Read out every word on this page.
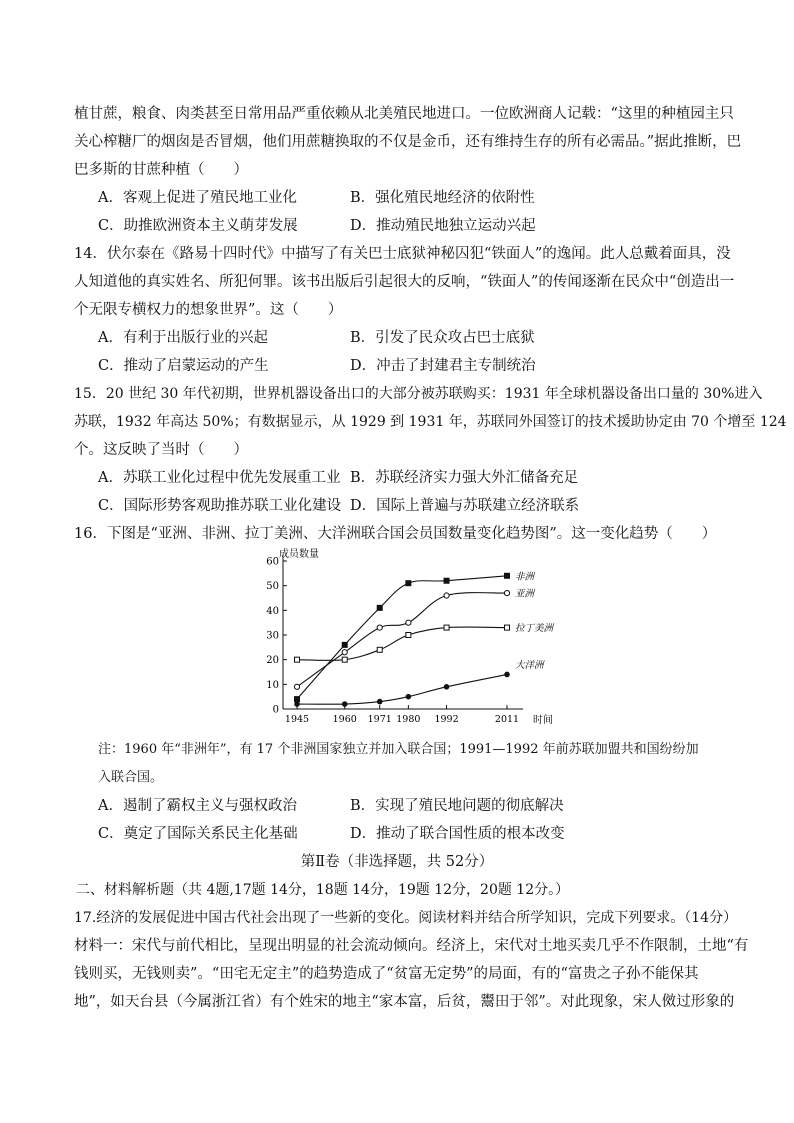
植甘蔗，粮食、肉类甚至日常用品严重依赖从北美殖民地进口。一位欧洲商人记载：“这里的种植园主只
关心榨糖厂的烟囱是否冒烟，他们用蔗糖换取的不仅是金币，还有维持生存的所有必需品。”据此推断，巴
巴多斯的甘蔗种植（　　）
A．客观上促进了殖民地工业化	B．强化殖民地经济的依附性
C．助推欧洲资本主义萌芽发展	D．推动殖民地独立运动兴起
14．伏尔泰在《路易十四时代》中描写了有关巴士底狱神秘囚犯“铁面人”的逸闻。此人总戴着面具，没
人知道他的真实姓名、所犯何罪。该书出版后引起很大的反响，“铁面人”的传闻逐渐在民众中“创造出一
个无限专横权力的想象世界”。这（　　）
A．有利于出版行业的兴起	B．引发了民众攻占巴士底狱
C．推动了启蒙运动的产生	D．冲击了封建君主专制统治
15．20 世纪 30 年代初期，世界机器设备出口的大部分被苏联购买：1931 年全球机器设备出口量的 30%进入
苏联，1932 年高达 50%；有数据显示，从 1929 到 1931 年，苏联同外国签订的技术援助协定由 70 个增至 124
个。这反映了当时（　　）
A．苏联工业化过程中优先发展重工业 B．苏联经济实力强大外汇储备充足
C．国际形势客观助推苏联工业化建设 D．国际上普遍与苏联建立经济联系
16．下图是“亚洲、非洲、拉丁美洲、大洋洲联合国会员国数量变化趋势图”。这一变化趋势（　　）
成员数量
时间
0
10
20
30
40
50
60
1945 1960 1971 1980 1992	2011
非洲
亚洲
拉丁美洲
大洋洲
注：1960 年“非洲年”，有 17 个非洲国家独立并加入联合国；1991—1992 年前苏联加盟共和国纷纷加
入联合国。
A．遏制了霸权主义与强权政治	B．实现了殖民地问题的彻底解决
C．奠定了国际关系民主化基础	D．推动了联合国性质的根本改变
第Ⅱ卷（非选择题，共 52分）
二、材料解析题（共 4题,17题 14分，18题 14分，19题 12分，20题 12分。）
17.经济的发展促进中国古代社会出现了一些新的变化。阅读材料并结合所学知识，完成下列要求。（14分）
材料一：宋代与前代相比，呈现出明显的社会流动倾向。经济上，宋代对土地买卖几乎不作限制，土地“有
钱则买，无钱则卖”。“田宅无定主”的趋势造成了“贫富无定势”的局面，有的“富贵之子孙不能保其
地”，如天台县（今属浙江省）有个姓宋的地主“家本富，后贫，鬻田于邻”。对此现象，宋人傚过形象的
